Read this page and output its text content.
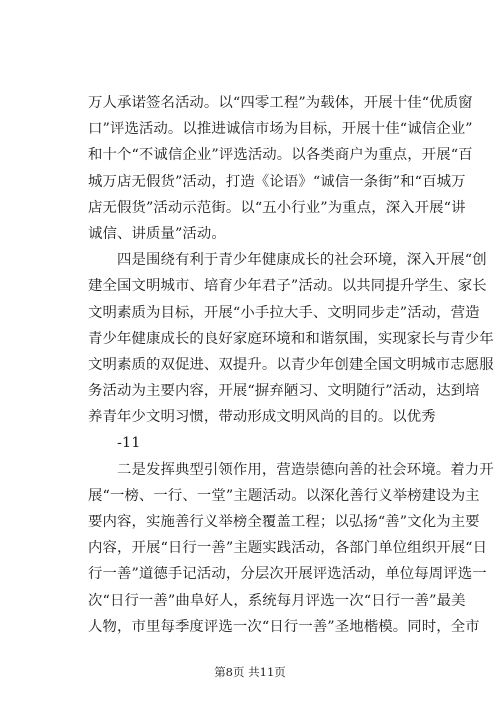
万人承诺签名活动。以“四零工程”为载体，开展十佳“优质窗
口”评选活动。以推进诚信市场为目标，开展十佳“诚信企业”
和十个“不诚信企业”评选活动。以各类商户为重点，开展“百
城万店无假货”活动，打造《论语》“诚信一条街”和“百城万
店无假货”活动示范街。以“五小行业”为重点，深入开展“讲
诚信、讲质量”活动。
　　四是围绕有利于青少年健康成长的社会环境，深入开展“创
建全国文明城市、培育少年君子”活动。以共同提升学生、家长
文明素质为目标，开展“小手拉大手、文明同步走”活动，营造
青少年健康成长的良好家庭环境和和谐氛围，实现家长与青少年
文明素质的双促进、双提升。以青少年创建全国文明城市志愿服
务活动为主要内容，开展“摒弃陋习、文明随行”活动，达到培
养青年少文明习惯，带动形成文明风尚的目的。以优秀
　　-11
　　二是发挥典型引领作用，营造崇德向善的社会环境。着力开
展“一榜、一行、一堂”主题活动。以深化善行义举榜建设为主
要内容，实施善行义举榜全覆盖工程；以弘扬“善”文化为主要
内容，开展“日行一善”主题实践活动，各部门单位组织开展“日
行一善”道德手记活动，分层次开展评选活动，单位每周评选一
次“日行一善”曲阜好人，系统每月评选一次“日行一善”最美
人物，市里每季度评选一次“日行一善”圣地楷模。同时，全市
第8页 共11页
